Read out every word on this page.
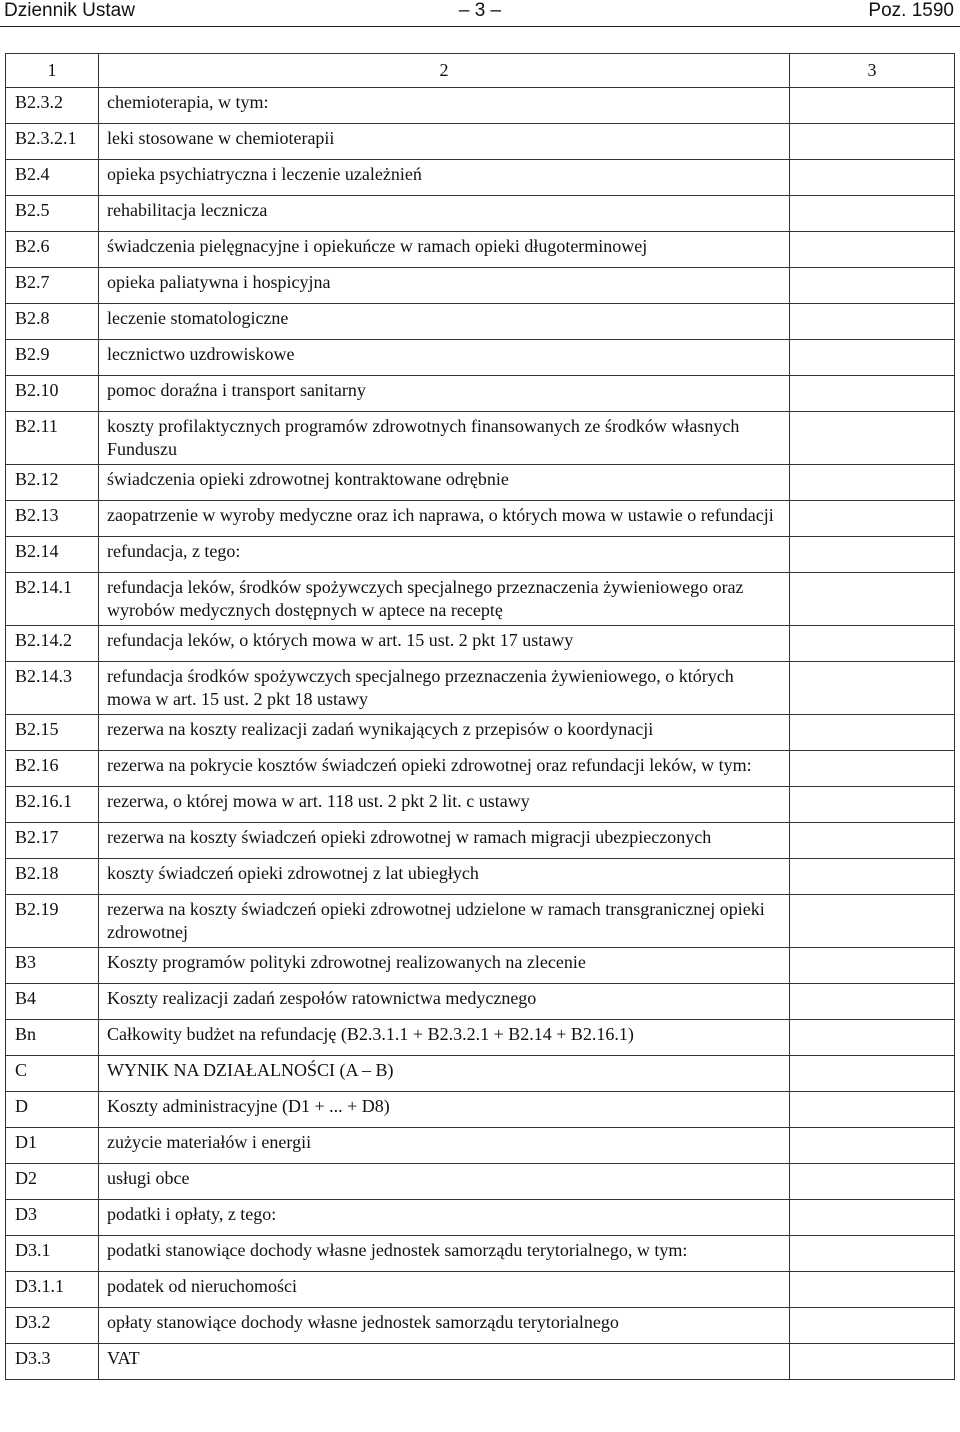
Dziennik Ustaw	– 3 –	Poz. 1590
1	2	3
B2.3.2	chemioterapia, w tym:	
B2.3.2.1	leki stosowane w chemioterapii	
B2.4	opieka psychiatryczna i leczenie uzależnień	
B2.5	rehabilitacja lecznicza	
B2.6	świadczenia pielęgnacyjne i opiekuńcze w ramach opieki długoterminowej	
B2.7	opieka paliatywna i hospicyjna	
B2.8	leczenie stomatologiczne	
B2.9	lecznictwo uzdrowiskowe	
B2.10	pomoc doraźna i transport sanitarny	
B2.11	koszty profilaktycznych programów zdrowotnych finansowanych ze środków własnych Funduszu	
B2.12	świadczenia opieki zdrowotnej kontraktowane odrębnie	
B2.13	zaopatrzenie w wyroby medyczne oraz ich naprawa, o których mowa w ustawie o refundacji	
B2.14	refundacja, z tego:	
B2.14.1	refundacja leków, środków spożywczych specjalnego przeznaczenia żywieniowego oraz wyrobów medycznych dostępnych w aptece na receptę	
B2.14.2	refundacja leków, o których mowa w art. 15 ust. 2 pkt 17 ustawy	
B2.14.3	refundacja środków spożywczych specjalnego przeznaczenia żywieniowego, o których mowa w art. 15 ust. 2 pkt 18 ustawy	
B2.15	rezerwa na koszty realizacji zadań wynikających z przepisów o koordynacji	
B2.16	rezerwa na pokrycie kosztów świadczeń opieki zdrowotnej oraz refundacji leków, w tym:	
B2.16.1	rezerwa, o której mowa w art. 118 ust. 2 pkt 2 lit. c ustawy	
B2.17	rezerwa na koszty świadczeń opieki zdrowotnej w ramach migracji ubezpieczonych	
B2.18	koszty świadczeń opieki zdrowotnej z lat ubiegłych	
B2.19	rezerwa na koszty świadczeń opieki zdrowotnej udzielone w ramach transgranicznej opieki zdrowotnej	
B3	Koszty programów polityki zdrowotnej realizowanych na zlecenie	
B4	Koszty realizacji zadań zespołów ratownictwa medycznego	
Bn	Całkowity budżet na refundację (B2.3.1.1 + B2.3.2.1 + B2.14 + B2.16.1)	
C	WYNIK NA DZIAŁALNOŚCI (A – B)	
D	Koszty administracyjne (D1 + ... + D8)	
D1	zużycie materiałów i energii	
D2	usługi obce	
D3	podatki i opłaty, z tego:	
D3.1	podatki stanowiące dochody własne jednostek samorządu terytorialnego, w tym:	
D3.1.1	podatek od nieruchomości	
D3.2	opłaty stanowiące dochody własne jednostek samorządu terytorialnego	
D3.3	VAT	
